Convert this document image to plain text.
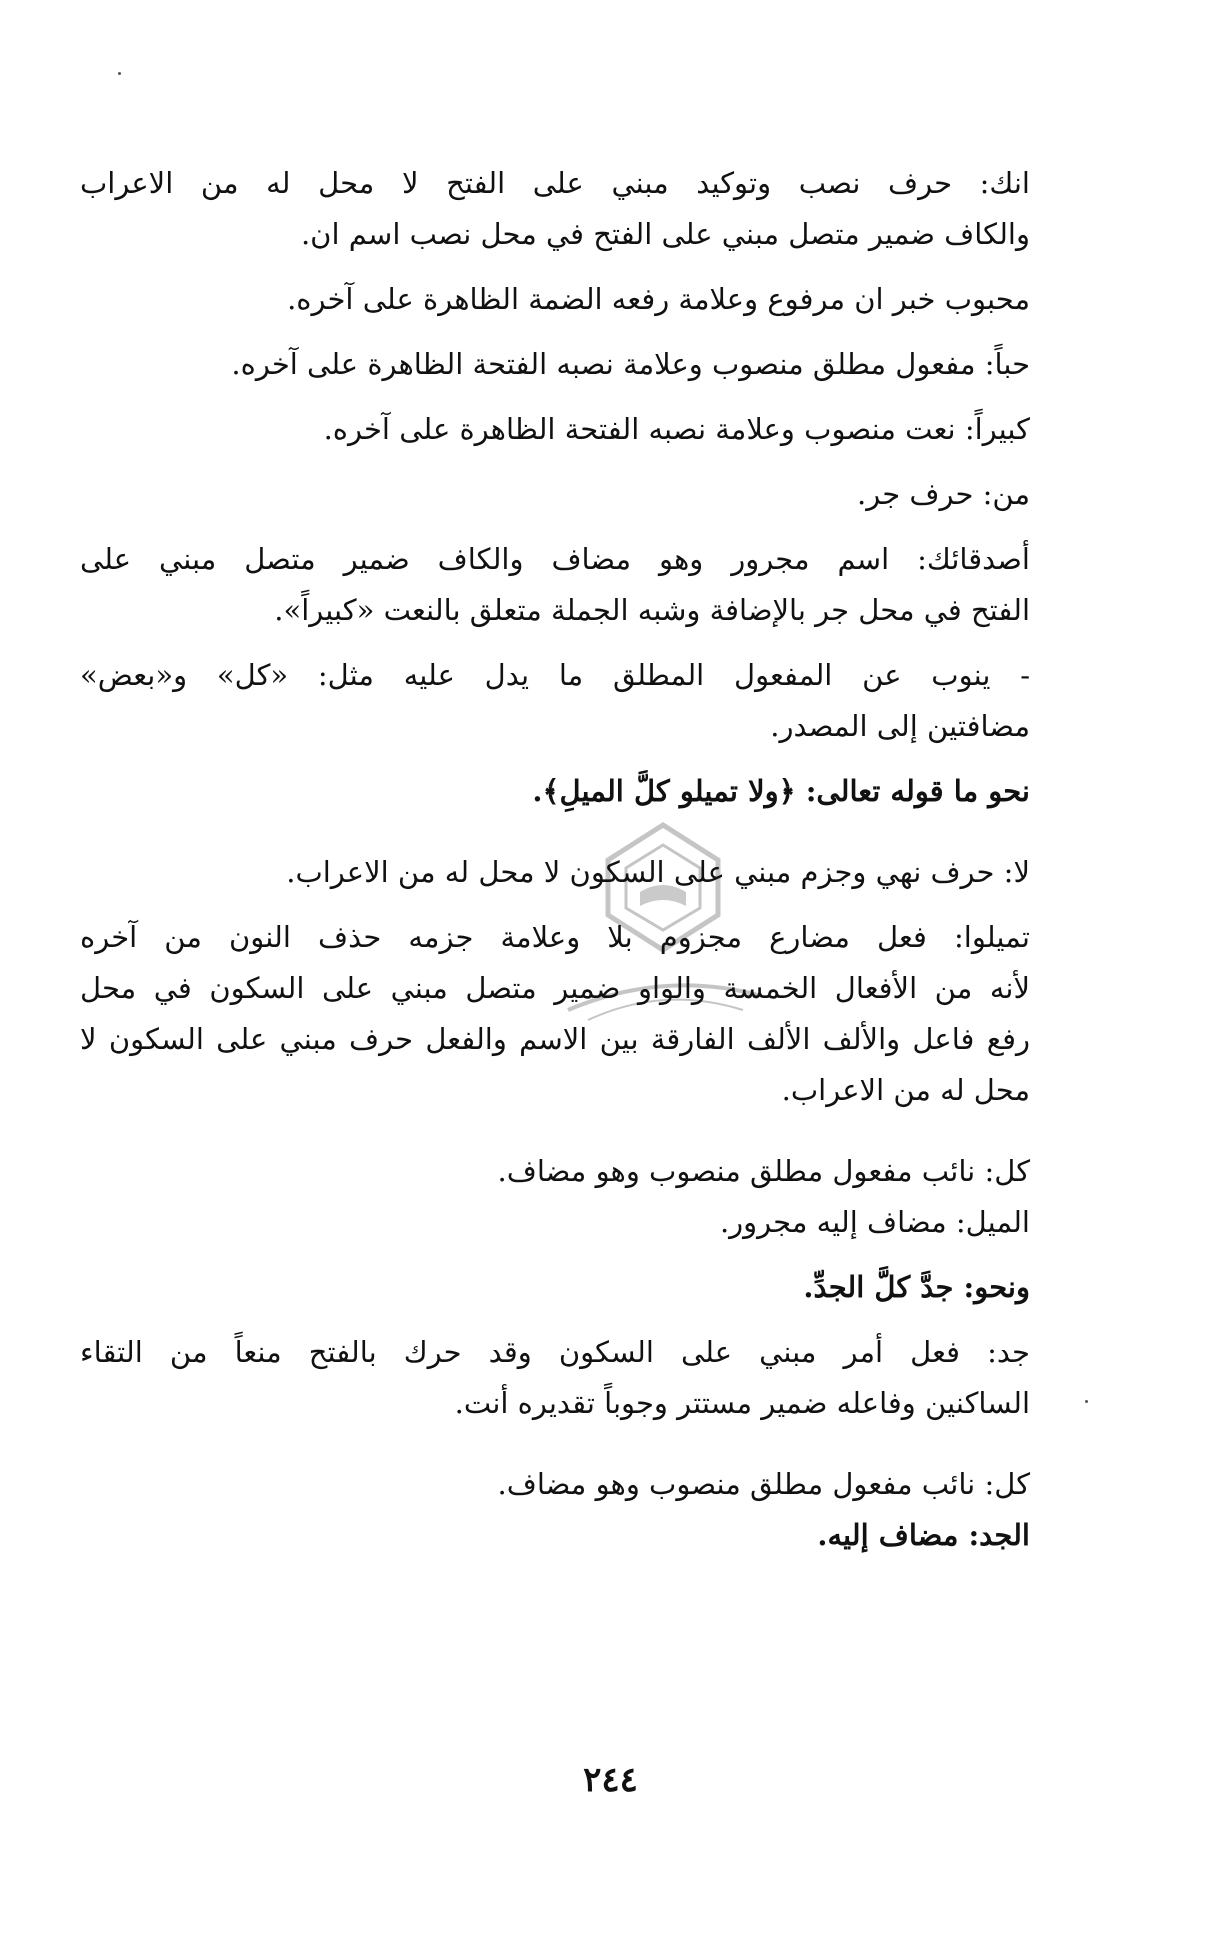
انك: حرف نصب وتوكيد مبني على الفتح لا محل له من الاعراب

والكاف ضمير متصل مبني على الفتح في محل نصب اسم ان.

محبوب خبر ان مرفوع وعلامة رفعه الضمة الظاهرة على آخره.

حباً: مفعول مطلق منصوب وعلامة نصبه الفتحة الظاهرة على آخره.

كبيراً: نعت منصوب وعلامة نصبه الفتحة الظاهرة على آخره.

من: حرف جر.

أصدقائك: اسم مجرور وهو مضاف والكاف ضمير متصل مبني على

الفتح في محل جر بالإضافة وشبه الجملة متعلق بالنعت «كبيراً».

- ينوب عن المفعول المطلق ما يدل عليه مثل: «كل» و«بعض»

مضافتين إلى المصدر.

نحو ما قوله تعالى: ﴿ولا تميلو كلَّ الميلِ﴾.

لا: حرف نهي وجزم مبني على السكون لا محل له من الاعراب.

تميلوا: فعل مضارع مجزوم بلا وعلامة جزمه حذف النون من آخره

لأنه من الأفعال الخمسة والواو ضمير متصل مبني على السكون في محل

رفع فاعل والألف الألف الفارقة بين الاسم والفعل حرف مبني على السكون لا

محل له من الاعراب.

كل: نائب مفعول مطلق منصوب وهو مضاف.

الميل: مضاف إليه مجرور.

ونحو: جدَّ كلَّ الجدِّ.

جد: فعل أمر مبني على السكون وقد حرك بالفتح منعاً من التقاء

الساكنين وفاعله ضمير مستتر وجوباً تقديره أنت.

كل: نائب مفعول مطلق منصوب وهو مضاف.

الجد: مضاف إليه.

٢٤٤
